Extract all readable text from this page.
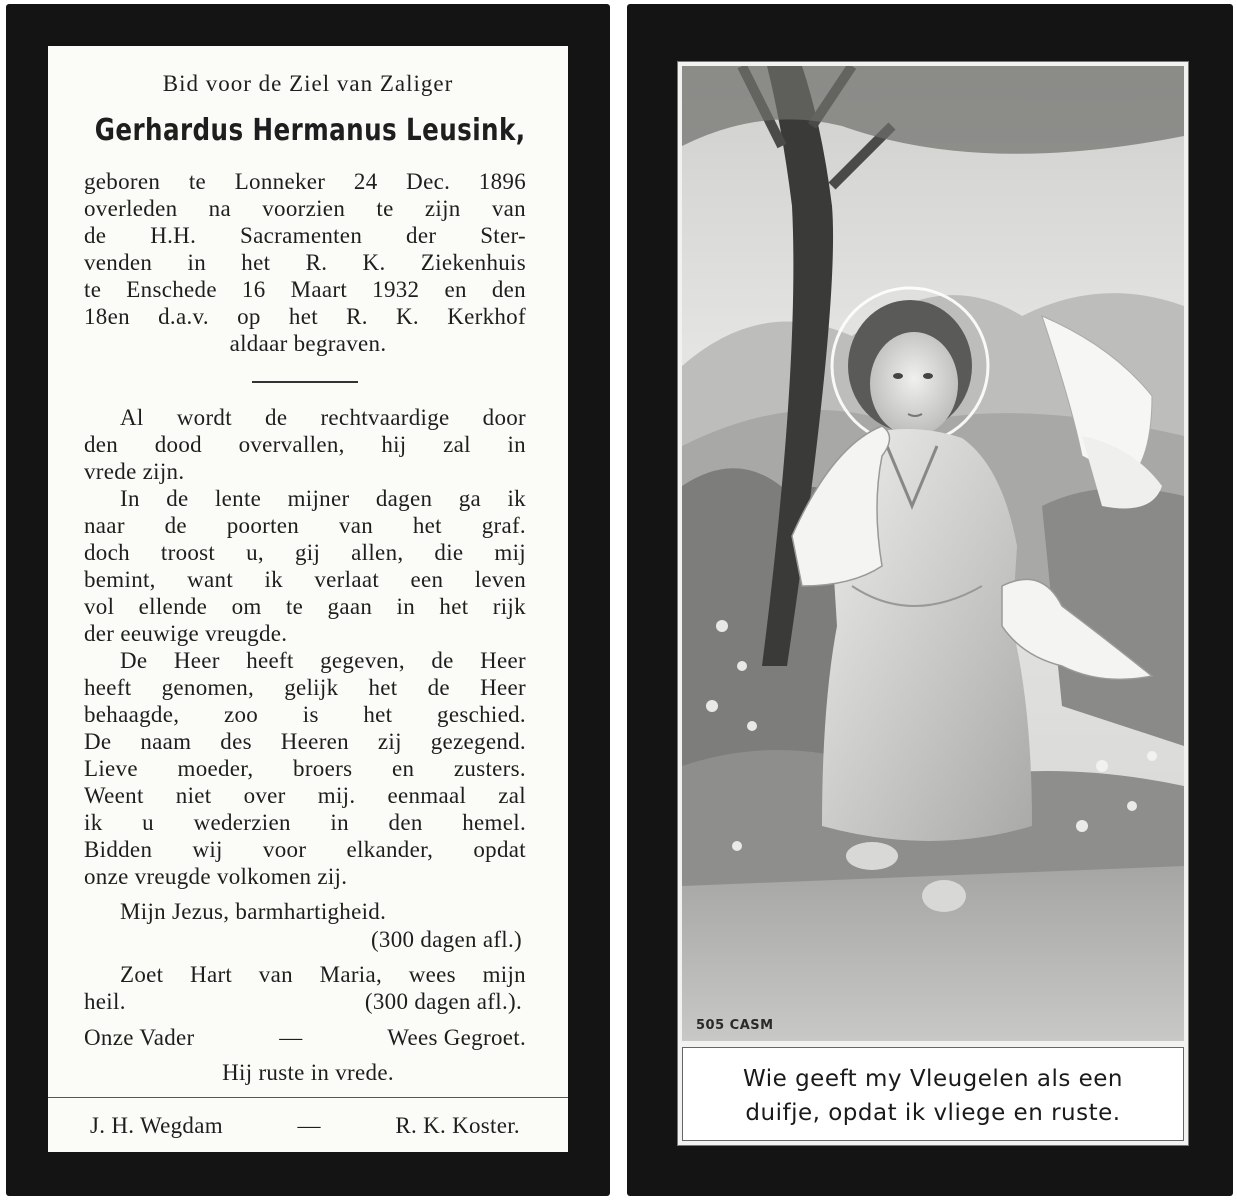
Bid voor de Ziel van Zaliger
Gerhardus Hermanus Leusink,
geboren te Lonneker 24 Dec. 1896
overleden na voorzien te zijn van
de H.H. Sacramenten der Ster-
venden in het R. K. Ziekenhuis
te Enschede 16 Maart 1932 en den
18en d.a.v. op het R. K. Kerkhof
aldaar begraven.
Al wordt de rechtvaardige door
den dood overvallen, hij zal in
vrede zijn.
In de lente mijner dagen ga ik
naar de poorten van het graf.
doch troost u, gij allen, die mij
bemint, want ik verlaat een leven
vol ellende om te gaan in het rijk
der eeuwige vreugde.
De Heer heeft gegeven, de Heer
heeft genomen, gelijk het de Heer
behaagde, zoo is het geschied.
De naam des Heeren zij gezegend.
Lieve moeder, broers en zusters.
Weent niet over mij. eenmaal zal
ik u wederzien in den hemel.
Bidden wij voor elkander, opdat
onze vreugde volkomen zij.
Mijn Jezus, barmhartigheid.
(300 dagen afl.)
Zoet Hart van Maria, wees mijn
heil.	(300 dagen afl.).
Onze Vader	—	Wees Gegroet.
Hij ruste in vrede.
J. H. Wegdam	—	R. K. Koster.
505 CASM
Wie geeft my Vleugelen als een
duifje, opdat ik vliege en ruste.
